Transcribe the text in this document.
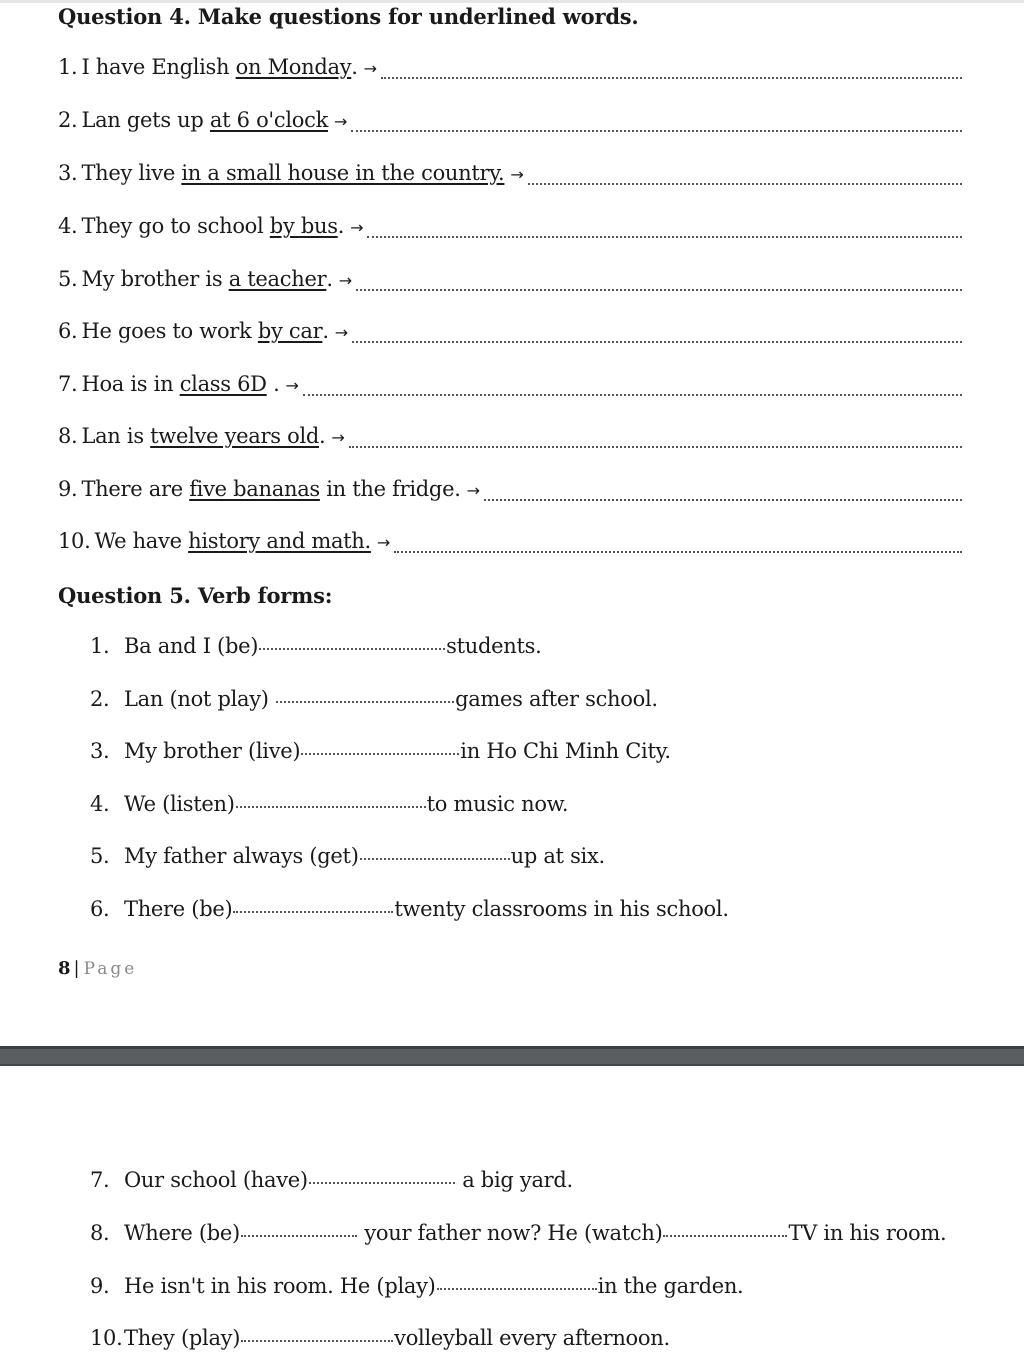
Question 4. Make questions for underlined words.
1. I have English on Monday . →
2. Lan gets up at 6 o'clock →
3. They live in a small house in the country. →
4. They go to school by bus . →
5. My brother is a teacher . →
6. He goes to work by car . →
7. Hoa is in class 6D . →
8. Lan is twelve years old . →
9. There are five bananas in the fridge. →
10. We have history and math. →
Question 5. Verb forms:
1. Ba and I (be)	students.
2. Lan (not play)	games after school.
3. My brother (live)	in Ho Chi Minh City.
4. We (listen)	to music now.
5. My father always (get)	up at six.
6. There (be)	twenty classrooms in his school.
8 | Page
7. Our school (have)	a big yard.
8. Where (be)	your father now? He (watch)	TV in his room.
9. He isn't in his room. He (play)	in the garden.
10. They (play)	volleyball every afternoon.
